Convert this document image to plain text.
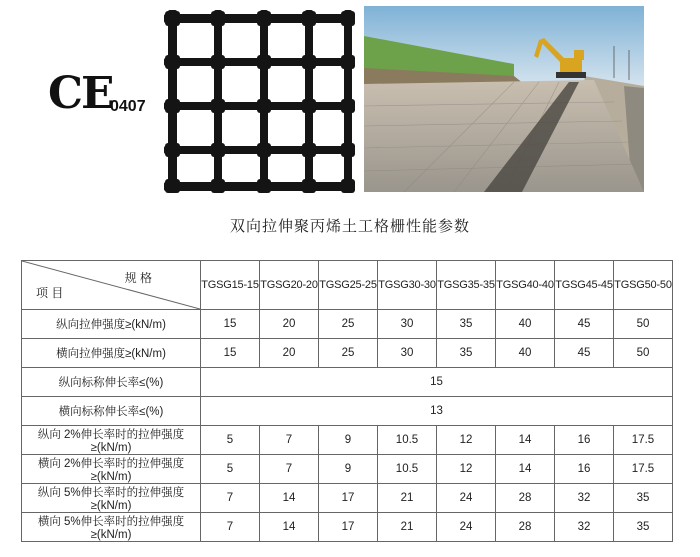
CE
0407
双向拉伸聚丙烯土工格栅性能参数
规 格
项 目	TGSG15-15	TGSG20-20	TGSG25-25	TGSG30-30	TGSG35-35	TGSG40-40	TGSG45-45	TGSG50-50
纵向拉伸强度≥(kN/m)	15	20	25	30	35	40	45	50
横向拉伸强度≥(kN/m)	15	20	25	30	35	40	45	50
纵向标称伸长率≤(%)	15							
横向标称伸长率≤(%)	13							
纵向 2%伸长率时的拉伸强度≥(kN/m)	5	7	9	10.5	12	14	16	17.5
横向 2%伸长率时的拉伸强度≥(kN/m)	5	7	9	10.5	12	14	16	17.5
纵向 5%伸长率时的拉伸强度≥(kN/m)	7	14	17	21	24	28	32	35
横向 5%伸长率时的拉伸强度≥(kN/m)	7	14	17	21	24	28	32	35
